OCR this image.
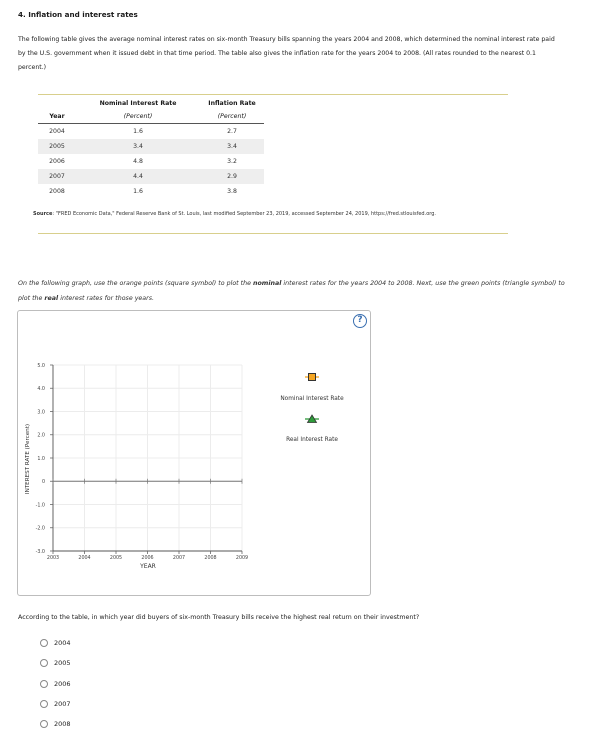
4. Inflation and interest rates
The following table gives the average nominal interest rates on six-month Treasury bills spanning the years 2004 and 2008, which determined the nominal interest rate paid by the U.S. government when it issued debt in that time period. The table also gives the inflation rate for the years 2004 to 2008. (All rates rounded to the nearest 0.1 percent.)
	Nominal Interest Rate	Inflation Rate
Year	(Percent)	(Percent)
2004	1.6	2.7
2005	3.4	3.4
2006	4.8	3.2
2007	4.4	2.9
2008	1.6	3.8
Source: "FRED Economic Data," Federal Reserve Bank of St. Louis, last modified September 23, 2019, accessed September 24, 2019, https://fred.stlouisfed.org.
On the following graph, use the orange points (square symbol) to plot the nominal interest rates for the years 2004 to 2008. Next, use the green points (triangle symbol) to plot the real interest rates for those years.
?
2003	2004	2005	2006	2007	2008	2009
5.0
4.0
3.0
2.0
1.0
0
-1.0
-2.0
-3.0
INTEREST RATE (Percent)
YEAR
Nominal Interest Rate
Real Interest Rate
According to the table, in which year did buyers of six-month Treasury bills receive the highest real return on their investment?
2004
2005
2006
2007
2008
